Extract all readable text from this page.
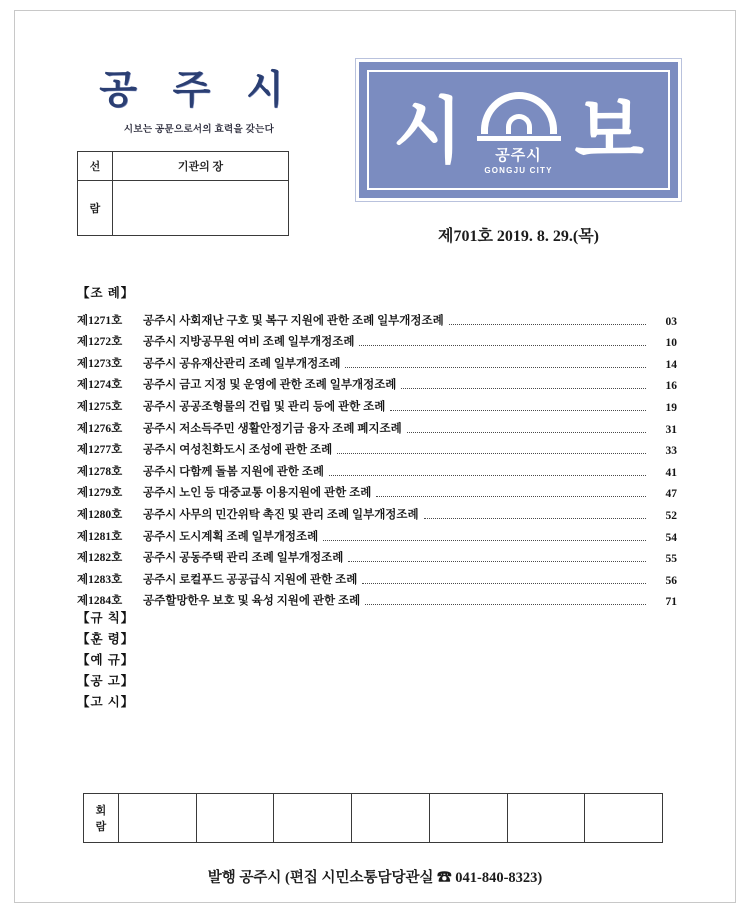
공 주 시
시보는 공문으로서의 효력을 갖는다
선	기관의 장
람	
시 보
공주시
GONGJU CITY
제701호 2019. 8. 29.(목)
【조 례】
제1271호	공주시 사회재난 구호 및 복구 지원에 관한 조례 일부개정조례	03
제1272호	공주시 지방공무원 여비 조례 일부개정조례	10
제1273호	공주시 공유재산관리 조례 일부개정조례	14
제1274호	공주시 금고 지정 및 운영에 관한 조례 일부개정조례	16
제1275호	공주시 공공조형물의 건립 및 관리 등에 관한 조례	19
제1276호	공주시 저소득주민 생활안정기금 융자 조례 폐지조례	31
제1277호	공주시 여성친화도시 조성에 관한 조례	33
제1278호	공주시 다함께 돌봄 지원에 관한 조례	41
제1279호	공주시 노인 등 대중교통 이용지원에 관한 조례	47
제1280호	공주시 사무의 민간위탁 촉진 및 관리 조례 일부개정조례	52
제1281호	공주시 도시계획 조례 일부개정조례	54
제1282호	공주시 공동주택 관리 조례 일부개정조례	55
제1283호	공주시 로컬푸드 공공급식 지원에 관한 조례	56
제1284호	공주할망한우 보호 및 육성 지원에 관한 조례	71
【규 칙】
【훈 령】
【예 규】
【공 고】
【고 시】
회
람

발행 공주시 (편집 시민소통담당관실 ☎ 041-840-8323)
